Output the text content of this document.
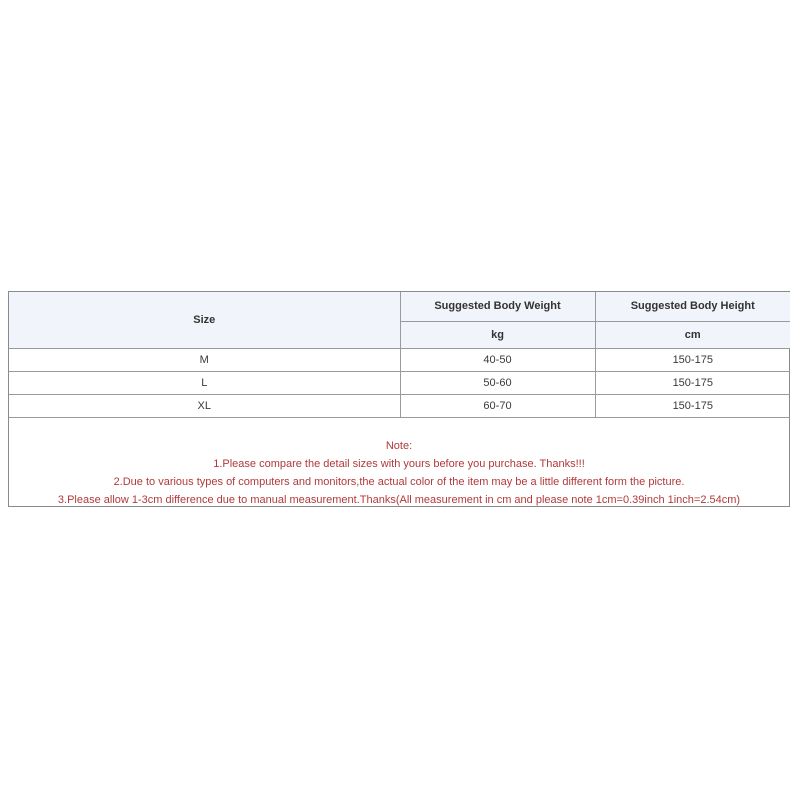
Size	Suggested Body Weight	Suggested Body Height
	kg	cm
M	40-50	150-175
L	50-60	150-175
XL	60-70	150-175
Note:
1.Please compare the detail sizes with yours before you purchase. Thanks!!!
2.Due to various types of computers and monitors,the actual color of the item may be a little different form the picture.
3.Please allow 1-3cm difference due to manual measurement.Thanks(All measurement in cm and please note 1cm=0.39inch 1inch=2.54cm)
